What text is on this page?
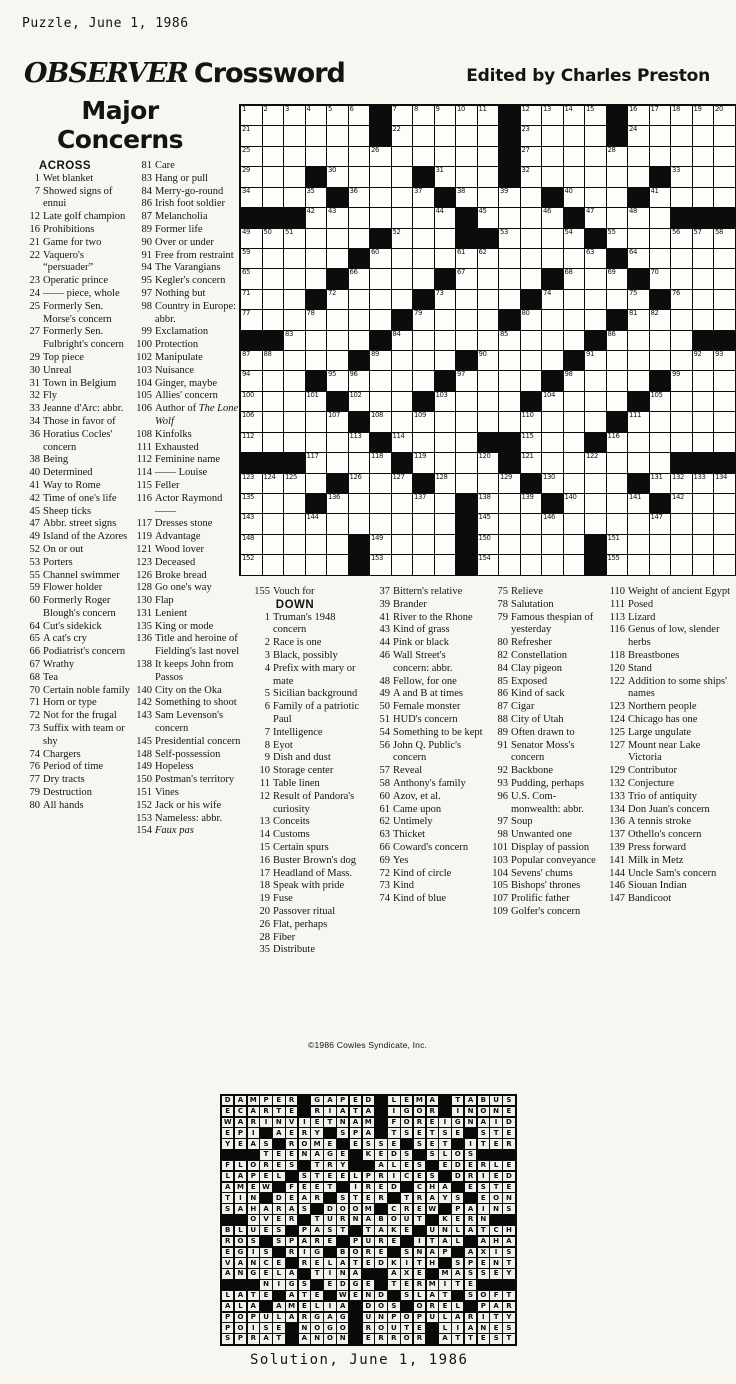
Puzzle, June 1, 1986
OBSERVER Crossword	Edited by Charles Preston
Major
Concerns
1	2	3	4	5	6	7	8	9	10 11	12 13 14 15	16 17 18 19 20
21	22	23	24
25	26	27	28
29	30	31	32	33
34	35	36	37	38	39	40	41
42 43	44	45	46	47	48
49 50 51	52	53	54	55	56 57 58
59	60	61 62	63	64
65	66	67	68	69	70
71	72	73	74	75	76
77	78	79	80	81 82
83	84	85	86
87 88	89	90	91	92 93
94	95 96	97	98	99
100	101	102	103	104	105
106	107	108	109	110	111
112	113	114	115	116
117	118	119	120	121	122
123 124 125	126	127	128	129	130	131 132 133 134
135	136	137	138	139	140	141	142
143	144	145	146	147
148	149	150	151
152	153	154	155
ACROSS
1 Wet blanket
7 Showed signs of ennui
12 Late golf champion
16 Prohibitions
21 Game for two
22 Vaquero's “persuader”
23 Operatic prince
24 —— piece, whole
25 Formerly Sen. Morse's concern
27 Formerly Sen. Fulbright's concern
29 Top piece
30 Unreal
31 Town in Belgium
32 Fly
33 Jeanne d'Arc: abbr.
34 Those in favor of
36 Horatius Cocles' concern
38 Being
40 Determined
41 Way to Rome
42 Time of one's life
45 Sheep ticks
47 Abbr. street signs
49 Island of the Azores
52 On or out
53 Porters
55 Channel swimmer
59 Flower holder
60 Formerly Roger Blough's concern
64 Cut's sidekick
65 A cat's cry
66 Podiatrist's concern
67 Wrathy
68 Tea
70 Certain noble family
71 Horn or type
72 Not for the frugal
73 Suffix with team or shy
74 Chargers
76 Period of time
77 Dry tracts
79 Destruction
80 All hands
81 Care
83 Hang or pull
84 Merry-go-round
86 Irish foot soldier
87 Melancholia
89 Former life
90 Over or under
91 Free from restraint
94 The Varangians
95 Kegler's concern
97 Nothing but
98 Country in Europe: abbr.
99 Exclamation
100 Protection
102 Manipulate
103 Nuisance
104 Ginger, maybe
105 Allies' concern
106 Author of The Lone Wolf
108 Kinfolks
111 Exhausted
112 Feminine name
114 —— Louise
115 Feller
116 Actor Raymond ——
117 Dresses stone
119 Advantage
121 Wood lover
123 Deceased
126 Broke bread
128 Go one's way
130 Flap
131 Lenient
135 King or mode
136 Title and heroine of Fielding's last novel
138 It keeps John from Passos
140 City on the Oka
142 Something to shoot
143 Sam Levenson's concern
145 Presidential concern
148 Self-possession
149 Hopeless
150 Postman's territory
151 Vines
152 Jack or his wife
153 Nameless: abbr.
154 Faux pas
155 Vouch for
DOWN
1 Truman's 1948 concern
2 Race is one
3 Black, possibly
4 Prefix with mary or mate
5 Sicilian background
6 Family of a patriotic Paul
7 Intelligence
8 Eyot
9 Dish and dust
10 Storage center
11 Table linen
12 Result of Pandora's curiosity
13 Conceits
14 Customs
15 Certain spurs
16 Buster Brown's dog
17 Headland of Mass.
18 Speak with pride
19 Fuse
20 Passover ritual
26 Flat, perhaps
28 Fiber
35 Distribute
37 Bittern's relative
39 Brander
41 River to the Rhone
43 Kind of grass
44 Pink or black
46 Wall Street's concern: abbr.
48 Fellow, for one
49 A and B at times
50 Female monster
51 HUD's concern
54 Something to be kept
56 John Q. Public's concern
57 Reveal
58 Anthony's family
60 Azov, et al.
61 Came upon
62 Untimely
63 Thicket
66 Coward's concern
69 Yes
72 Kind of circle
73 Kind
74 Kind of blue
75 Relieve
78 Salutation
79 Famous thespian of yesterday
80 Refresher
82 Constellation
84 Clay pigeon
85 Exposed
86 Kind of sack
87 Cigar
88 City of Utah
89 Often drawn to
91 Senator Moss's concern
92 Backbone
93 Pudding, perhaps
96 U.S. Com-monwealth: abbr.
97 Soup
98 Unwanted one
101 Display of passion
103 Popular conveyance
104 Sevens' chums
105 Bishops' thrones
107 Prolific father
109 Golfer's concern
110 Weight of ancient Egypt
111 Posed
113 Lizard
116 Genus of low, slender herbs
118 Breastbones
120 Stand
122 Addition to some ships' names
123 Northern people
124 Chicago has one
125 Large ungulate
127 Mount near Lake Victoria
129 Contributor
132 Conjecture
133 Trio of antiquity
134 Don Juan's concern
136 A tennis stroke
137 Othello's concern
139 Press forward
141 Milk in Metz
144 Uncle Sam's concern
146 Siouan Indian
147 Bandicoot
©1986 Cowles Syndicate, Inc.
D	A M P	E	R	G	A	P	E	D	L	E M A	T	A	B	U	S
E	C	A	R	T	E	R	I	A	T	A	I	G O	R	I	N O N	E
W A	R	I	N	V	I	E	T	N	A M	F	O	R	E	I	G N	A	I	D
E	P	I	A	E	R	Y	S	P	A	T	S	E	T	S	E	S	T	E
Y	E	A	S	R	O M E	E	S	S	E	S	E	T	I	T	E	R
T	E	E	N	A	G	E	K	E	D	S	S	L	O	S
F	L	O	R	E	S	T	R	Y	A	L	E	S	E	D	E	R	L	E
L	A	P	E	L	S	T	E	E	L	P	R	I	C	E	S	D	R	I	E	D
A M E W	F	E	E	T	I	R	E	D	C	H	A	E	S	T	E
T	I	N	D	E	A	R	S	T	E	R	T	R	A	Y	S	E	O N
S	A	H	A	R	A	S	D O O M	C	R	E W	P	A	I	N	S
O	V	E	R	T	U	R	N	A	B	O U	T	K	E	R	N
B	L	U	E	S	P	A	S	T	T	A	K	E	U	N	L	A	T	C	H
R	O	S	S	P	A	R	E	P	U	R	E	I	T	A	L	A	H	A
E	G	I	S	R	I	G	B	O	R	E	S	N	A	P	A	X	I	S
V	A	N	C	E	R	E	L	A	T	E	D	K	I	T	H	S	P	E	N	T
A	N G	E	L	A	T	I	N	A	A	X	E	M A	S	S	E	Y
N	I	G	S	E	D	G	E	T	E	R M	I	T	E
L	A	T	E	A	T	E	W E	N D	S	L	A	T	S	O	F	T
A	L	A	A M E	L	I	A	D O	S	O	R	E	L	P	A	R
P	O	P	U	L	A	R	G	A	G	U	N	P	O	P	U	L	A	R	I	T	Y
P	O	I	S	E	N O G O	R	O U	T	E	L	I	A	N	E	S
S	P	R	A	T	A	N O N	E	R	R	O	R	A	T	T	E	S	T
Solution, June 1, 1986
